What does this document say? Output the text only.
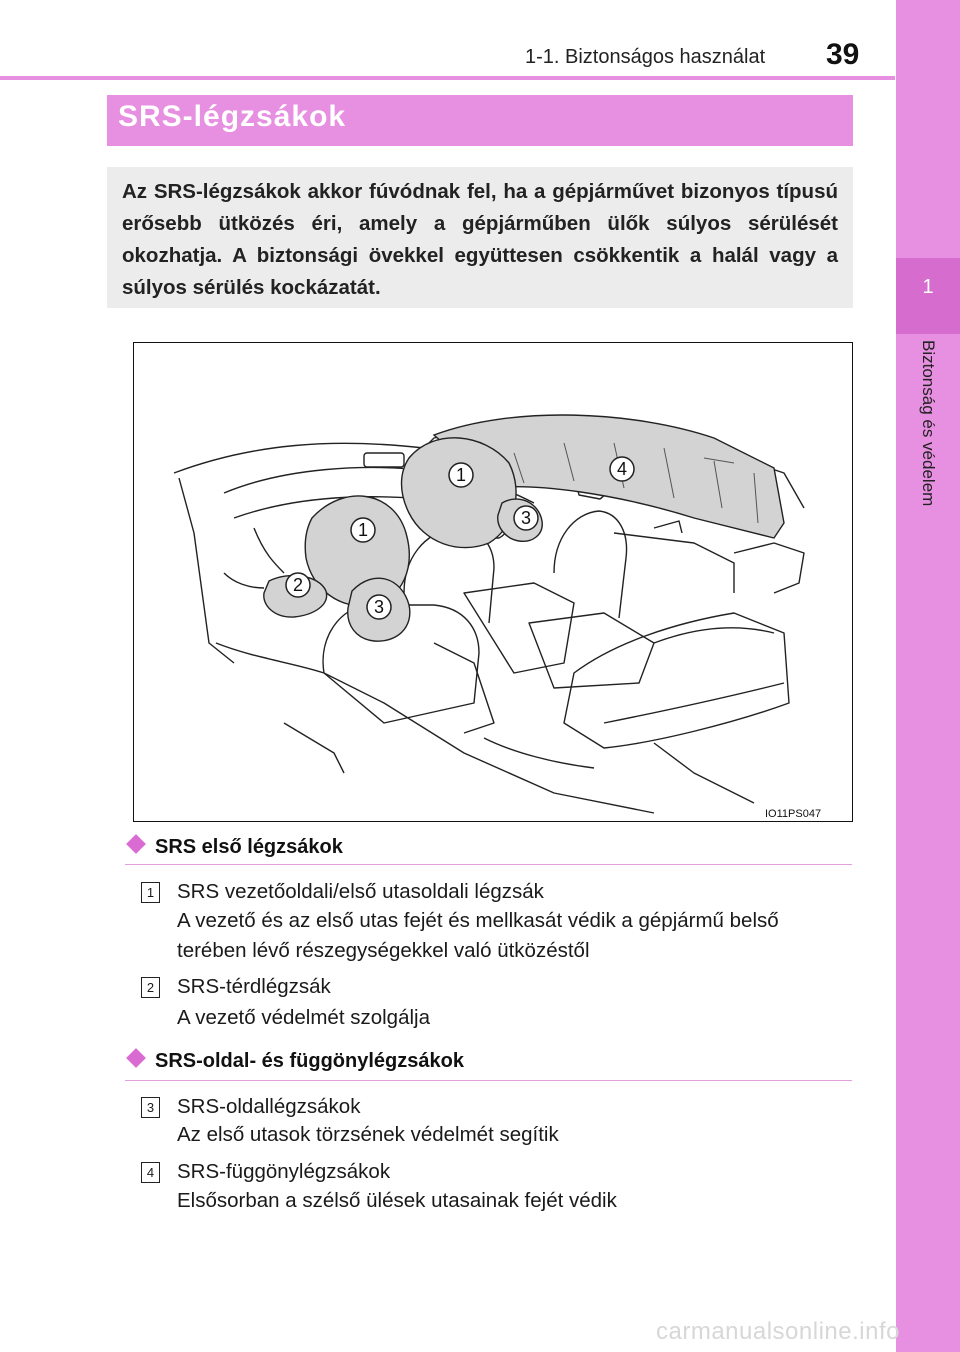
1-1. Biztonságos használat 39
1
Biztonság és védelem
SRS-légzsákok
Az SRS-légzsákok akkor fúvódnak fel, ha a gépjárművet bizonyos típusú erősebb ütközés éri, amely a gépjárműben ülők súlyos sérülését okozhatja. A biztonsági övekkel együttesen csökkentik a halál vagy a súlyos sérülés kockázatát.
1
1
2
3
3
4
IO11PS047
SRS első légzsákok
1 SRS vezetőoldali/első utasoldali légzsák
A vezető és az első utas fejét és mellkasát védik a gépjármű belső terében lévő részegységekkel való ütközéstől
2 SRS-térdlégzsák
A vezető védelmét szolgálja
SRS-oldal- és függönylégzsákok
3 SRS-oldallégzsákok
Az első utasok törzsének védelmét segítik
4 SRS-függönylégzsákok
Elsősorban a szélső ülések utasainak fejét védik
carmanualsonline.info
